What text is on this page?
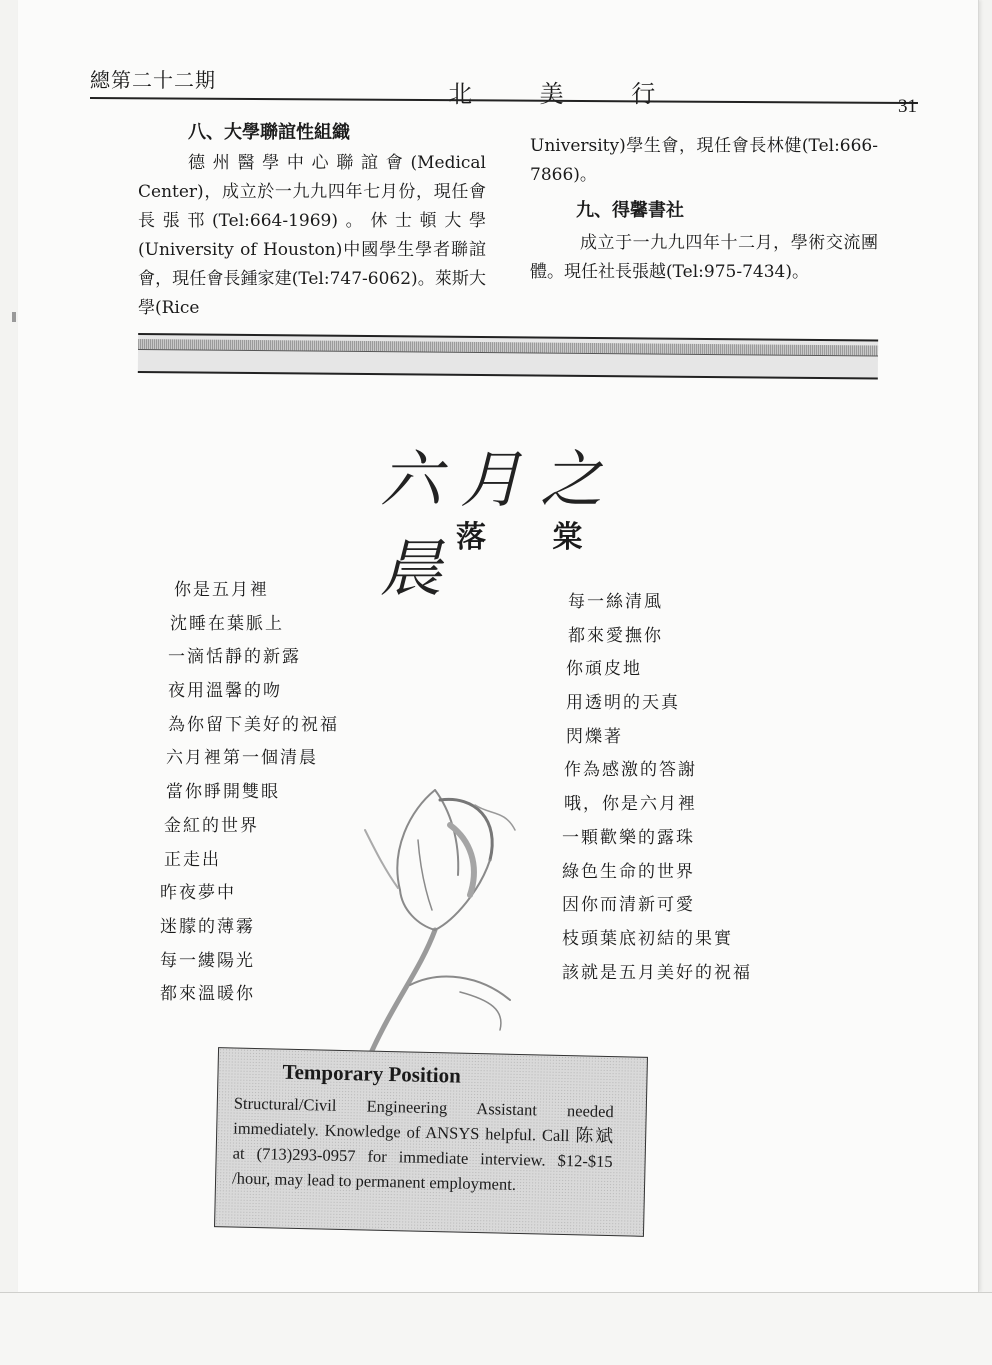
總第二十二期	北 美 行	31
八、大學聯誼性組織

德州醫學中心聯誼會(Medical Center)，成立於一九九四年七月份，現任會長張邗(Tel:664-1969)。休士頓大學(University of Houston)中國學生學者聯誼會，現任會長鍾家建(Tel:747-6062)。萊斯大學(Rice

University)學生會，現任會長林健(Tel:666-7866)。

九、得馨書社

成立于一九九四年十二月，學術交流團體。現任社長張越(Tel:975-7434)。

六月之晨
落 棠
你是五月裡
沈睡在葉脈上
一滴恬靜的新露
夜用溫馨的吻
為你留下美好的祝福
六月裡第一個清晨
當你睜開雙眼
金紅的世界
正走出
昨夜夢中
迷朦的薄霧
每一縷陽光
都來溫暖你
每一絲清風
都來愛撫你
你頑皮地
用透明的天真
閃爍著
作為感激的答謝
哦，你是六月裡
一顆歡樂的露珠
綠色生命的世界
因你而清新可愛
枝頭葉底初結的果實
該就是五月美好的祝福
Temporary Position
Structural/Civil Engineering Assistant needed immediately. Knowledge of ANSYS helpful. Call 陈斌 at (713)293-0957 for immediate interview. $12-$15 /hour, may lead to permanent employment.
